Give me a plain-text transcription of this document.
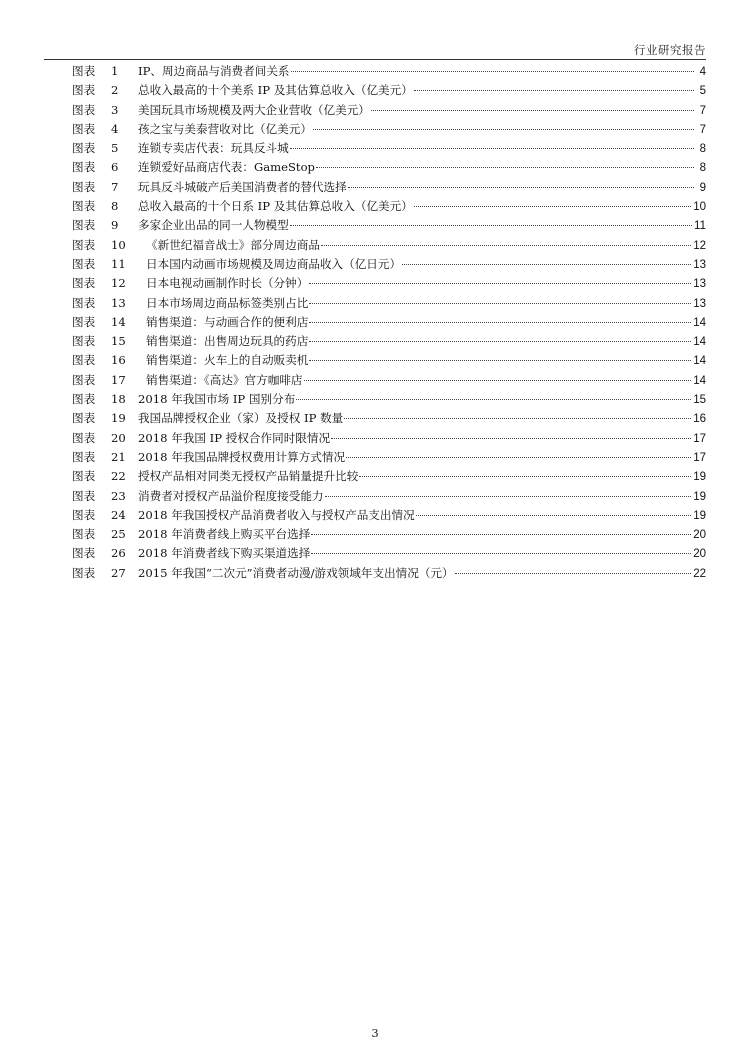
行业研究报告
图表	1	IP、周边商品与消费者间关系	4
图表	2	总收入最高的十个美系 IP 及其估算总收入（亿美元）	5
图表	3	美国玩具市场规模及两大企业营收（亿美元）	7
图表	4	孩之宝与美泰营收对比（亿美元）	7
图表	5	连锁专卖店代表：玩具反斗城	8
图表	6	连锁爱好品商店代表：GameStop	8
图表	7	玩具反斗城破产后美国消费者的替代选择	9
图表	8	总收入最高的十个日系 IP 及其估算总收入（亿美元）	10
图表	9	多家企业出品的同一人物模型	11
图表	10	《新世纪福音战士》部分周边商品	12
图表	11	日本国内动画市场规模及周边商品收入（亿日元）	13
图表	12	日本电视动画制作时长（分钟）	13
图表	13	日本市场周边商品标签类别占比	13
图表	14	销售渠道：与动画合作的便利店	14
图表	15	销售渠道：出售周边玩具的药店	14
图表	16	销售渠道：火车上的自动贩卖机	14
图表	17	销售渠道：《高达》官方咖啡店	14
图表	18	2018 年我国市场 IP 国别分布	15
图表	19	我国品牌授权企业（家）及授权 IP 数量	16
图表	20	2018 年我国 IP 授权合作同时限情况	17
图表	21	2018 年我国品牌授权费用计算方式情况	17
图表	22	授权产品相对同类无授权产品销量提升比较	19
图表	23	消费者对授权产品溢价程度接受能力	19
图表	24	2018 年我国授权产品消费者收入与授权产品支出情况	19
图表	25	2018 年消费者线上购买平台选择	20
图表	26	2018 年消费者线下购买渠道选择	20
图表	27	2015 年我国“二次元”消费者动漫/游戏领域年支出情况（元）	22
3
